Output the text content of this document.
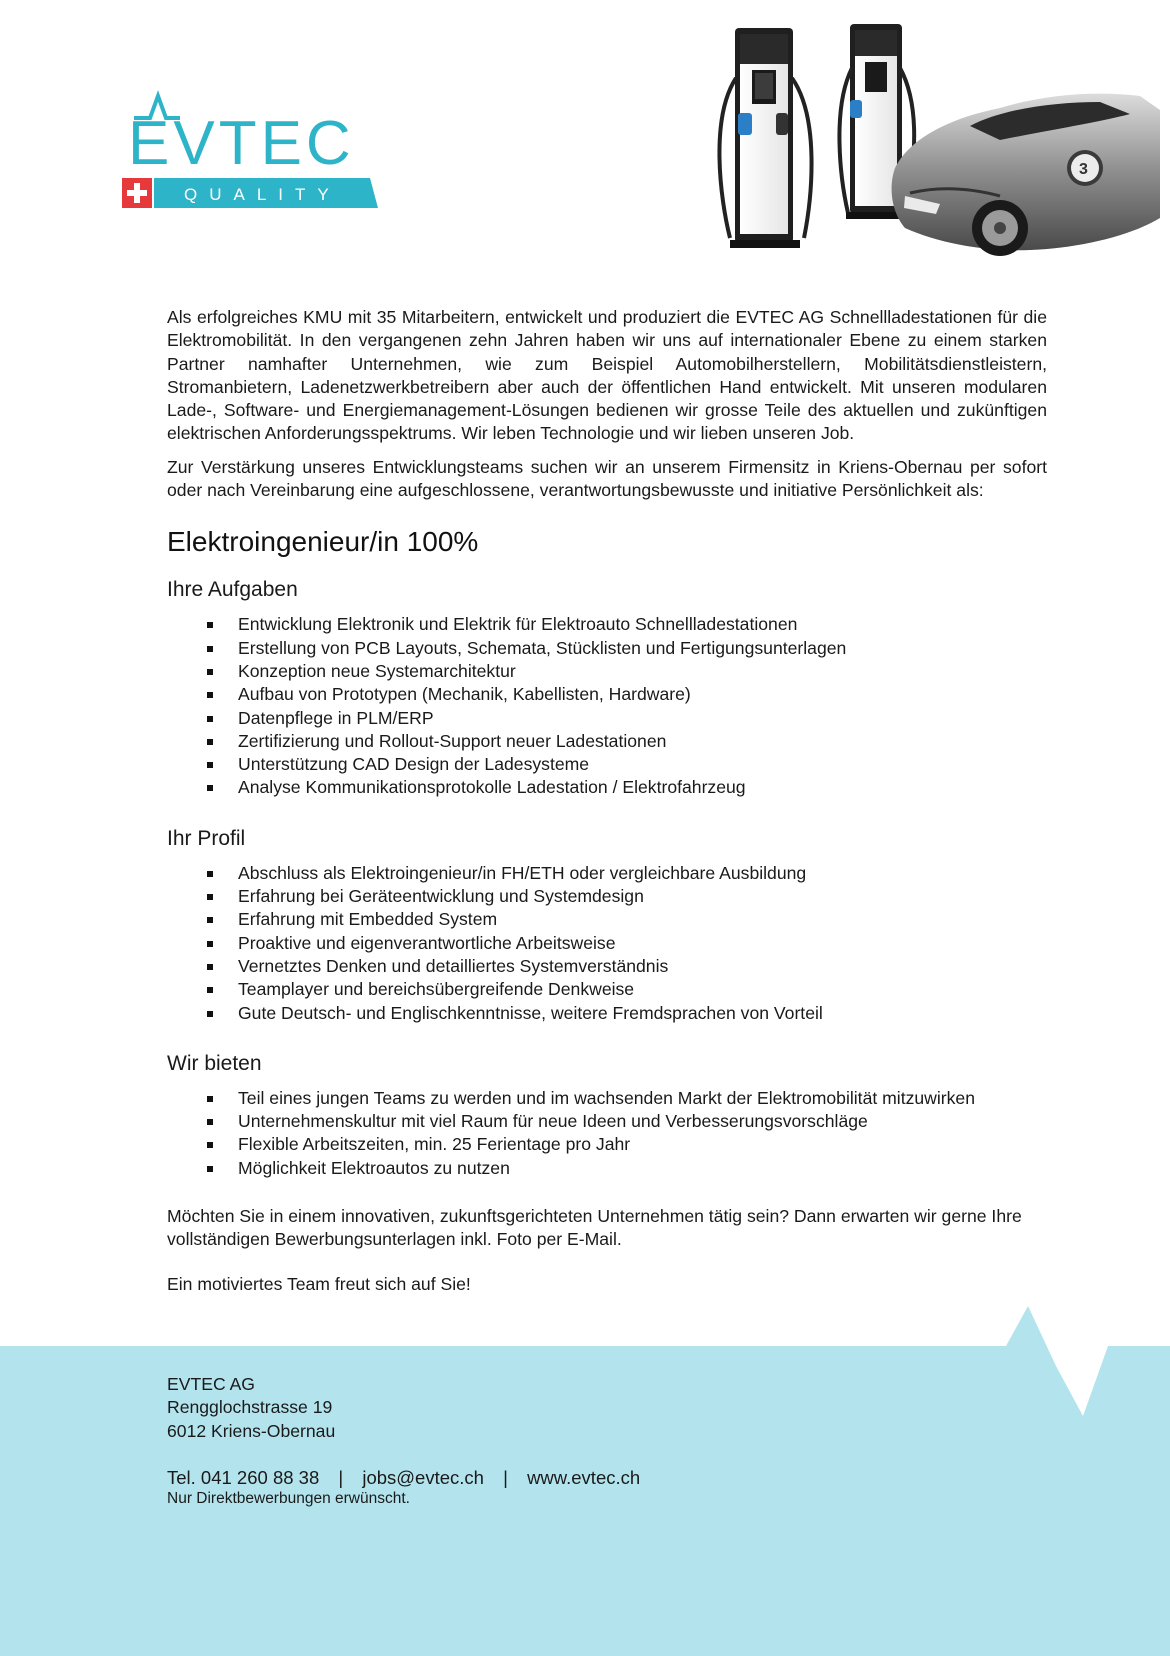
EVTEC
QUALITY
3

Als erfolgreiches KMU mit 35 Mitarbeitern, entwickelt und produziert die EVTEC AG Schnellladestationen für die Elektromobilität. In den vergangenen zehn Jahren haben wir uns auf internationaler Ebene zu einem starken Partner namhafter Unternehmen, wie zum Beispiel Automobilherstellern, Mobilitätsdienstleistern, Stromanbietern, Ladenetzwerkbetreibern aber auch der öffentlichen Hand entwickelt. Mit unseren modularen Lade-, Software- und Energiemanagement-Lösungen bedienen wir grosse Teile des aktuellen und zukünftigen elektrischen Anforderungsspektrums. Wir leben Technologie und wir lieben unseren Job.

Zur Verstärkung unseres Entwicklungsteams suchen wir an unserem Firmensitz in Kriens-Obernau per sofort oder nach Vereinbarung eine aufgeschlossene, verantwortungsbewusste und initiative Persönlichkeit als:

Elektroingenieur/in 100%
Ihre Aufgaben
Entwicklung Elektronik und Elektrik für Elektroauto Schnellladestationen
Erstellung von PCB Layouts, Schemata, Stücklisten und Fertigungsunterlagen
Konzeption neue Systemarchitektur
Aufbau von Prototypen (Mechanik, Kabellisten, Hardware)
Datenpflege in PLM/ERP
Zertifizierung und Rollout-Support neuer Ladestationen
Unterstützung CAD Design der Ladesysteme
Analyse Kommunikationsprotokolle Ladestation / Elektrofahrzeug
Ihr Profil
Abschluss als Elektroingenieur/in FH/ETH oder vergleichbare Ausbildung
Erfahrung bei Geräteentwicklung und Systemdesign
Erfahrung mit Embedded System
Proaktive und eigenverantwortliche Arbeitsweise
Vernetztes Denken und detailliertes Systemverständnis
Teamplayer und bereichsübergreifende Denkweise
Gute Deutsch- und Englischkenntnisse, weitere Fremdsprachen von Vorteil
Wir bieten
Teil eines jungen Teams zu werden und im wachsenden Markt der Elektromobilität mitzuwirken
Unternehmenskultur mit viel Raum für neue Ideen und Verbesserungsvorschläge
Flexible Arbeitszeiten, min. 25 Ferientage pro Jahr
Möglichkeit Elektroautos zu nutzen

Möchten Sie in einem innovativen, zukunftsgerichteten Unternehmen tätig sein? Dann erwarten wir gerne Ihre vollständigen Bewerbungsunterlagen inkl. Foto per E-Mail.

Ein motiviertes Team freut sich auf Sie!

EVTEC AG
Rengglochstrasse 19
6012 Kriens-Obernau
Tel. 041 260 88 38 | jobs@evtec.ch | www.evtec.ch
Nur Direktbewerbungen erwünscht.
